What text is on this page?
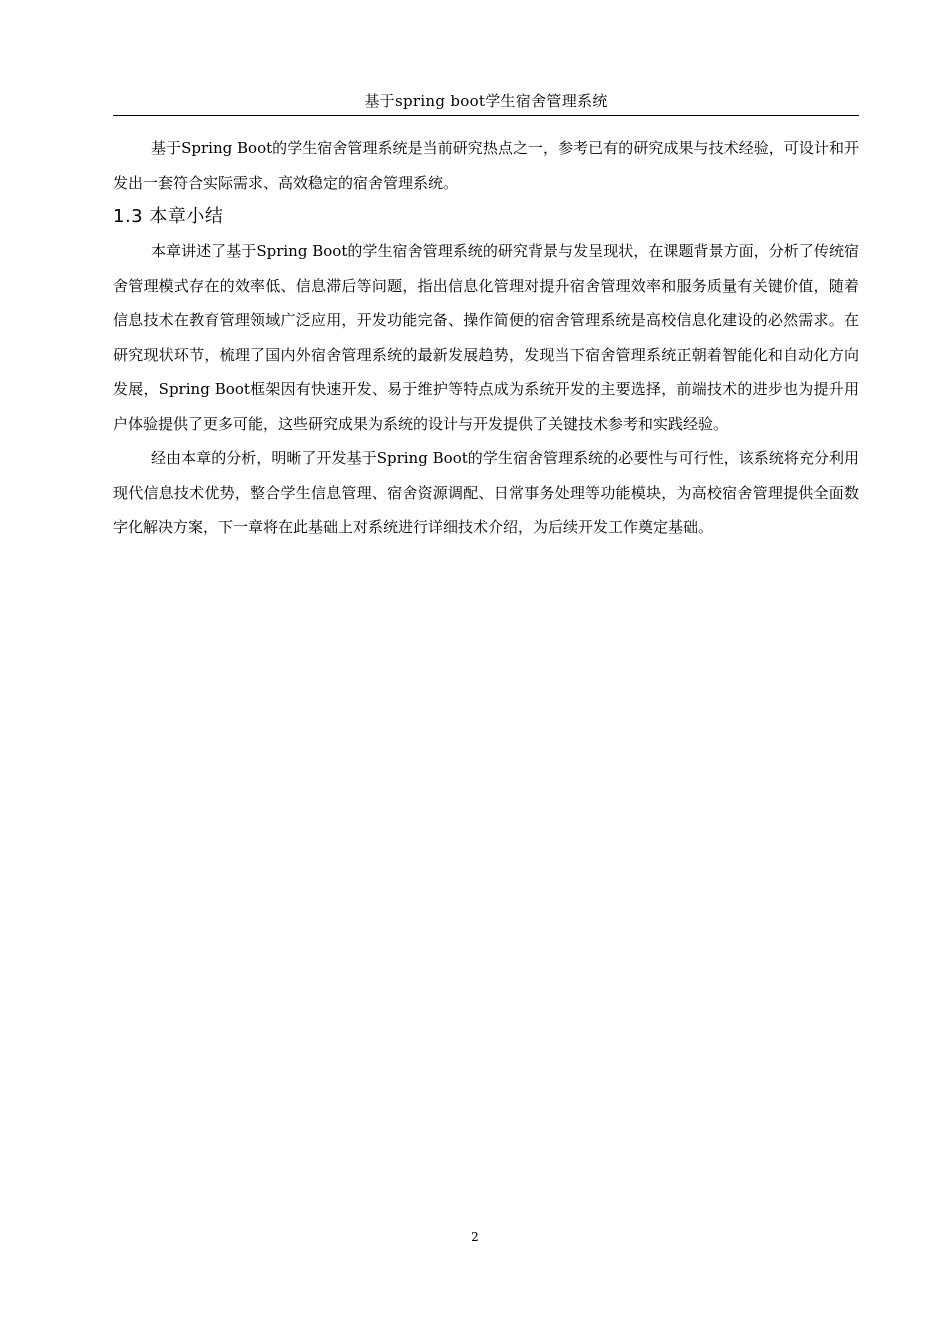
基于spring boot学生宿舍管理系统

基于Spring Boot的学生宿舍管理系统是当前研究热点之一，参考已有的研究成果与技术经验，可设计和开发出一套符合实际需求、高效稳定的宿舍管理系统。

1.3 本章小结

本章讲述了基于Spring Boot的学生宿舍管理系统的研究背景与发呈现状，在课题背景方面，分析了传统宿舍管理模式存在的效率低、信息滞后等问题，指出信息化管理对提升宿舍管理效率和服务质量有关键价值，随着信息技术在教育管理领域广泛应用，开发功能完备、操作简便的宿舍管理系统是高校信息化建设的必然需求。在研究现状环节，梳理了国内外宿舍管理系统的最新发展趋势，发现当下宿舍管理系统正朝着智能化和自动化方向发展，Spring Boot框架因有快速开发、易于维护等特点成为系统开发的主要选择，前端技术的进步也为提升用户体验提供了更多可能，这些研究成果为系统的设计与开发提供了关键技术参考和实践经验。

经由本章的分析，明晰了开发基于Spring Boot的学生宿舍管理系统的必要性与可行性，该系统将充分利用现代信息技术优势，整合学生信息管理、宿舍资源调配、日常事务处理等功能模块，为高校宿舍管理提供全面数字化解决方案，下一章将在此基础上对系统进行详细技术介绍，为后续开发工作奠定基础。

2
